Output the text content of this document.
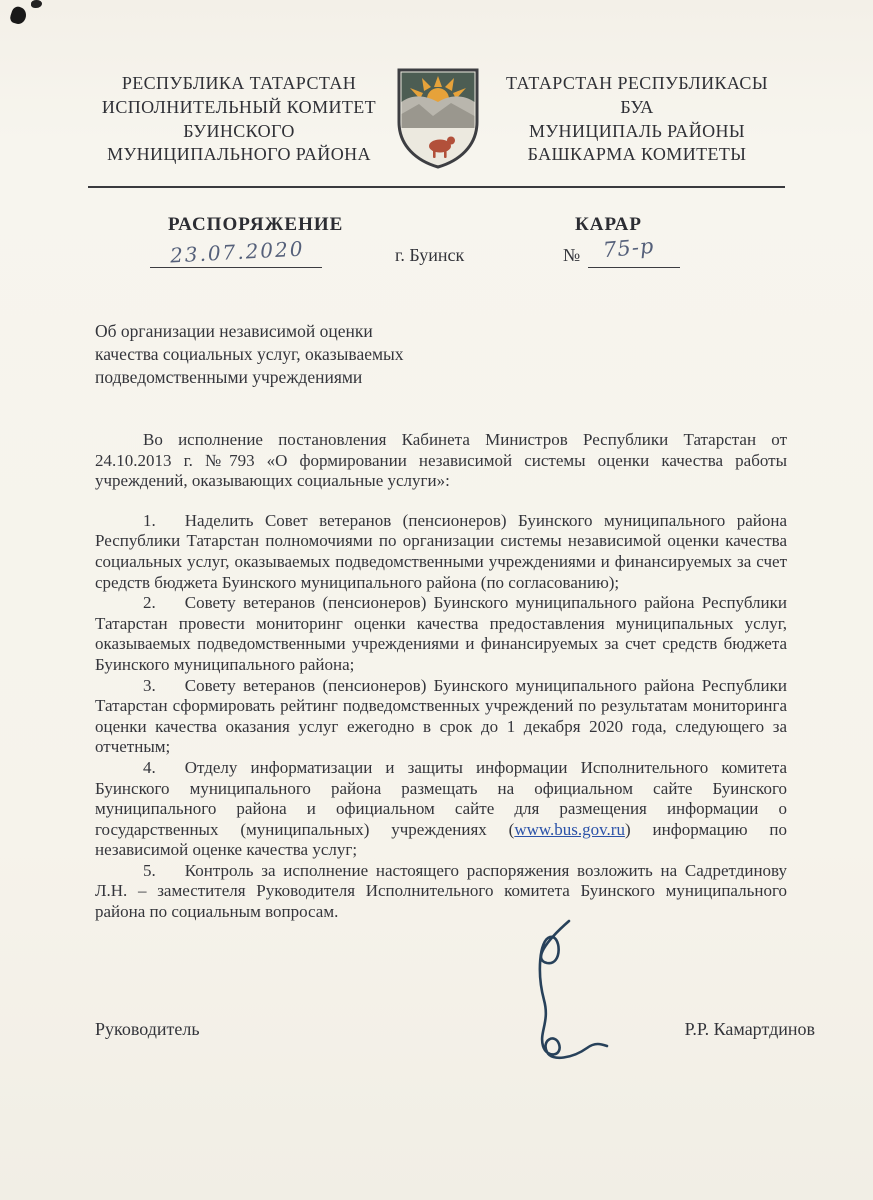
РЕСПУБЛИКА ТАТАРСТАН
ИСПОЛНИТЕЛЬНЫЙ КОМИТЕТ
БУИНСКОГО
МУНИЦИПАЛЬНОГО РАЙОНА
ТАТАРСТАН РЕСПУБЛИКАСЫ
БУА
МУНИЦИПАЛЬ РАЙОНЫ
БАШКАРМА КОМИТЕТЫ
РАСПОРЯЖЕНИЕ	КАРАР
23.07.2020	г. Буинск	№ 75-р
Об организации независимой оценки
качества социальных услуг, оказываемых
подведомственными учреждениями

Во исполнение постановления Кабинета Министров Республики Татарстан от 24.10.2013 г. №793 «О формировании независимой системы оценки качества работы учреждений, оказывающих социальные услуги»:

1. Наделить Совет ветеранов (пенсионеров) Буинского муниципального района Республики Татарстан полномочиями по организации системы независимой оценки качества социальных услуг, оказываемых подведомственными учреждениями и финансируемых за счет средств бюджета Буинского муниципального района (по согласованию);

2. Совету ветеранов (пенсионеров) Буинского муниципального района Республики Татарстан провести мониторинг оценки качества предоставления муниципальных услуг, оказываемых подведомственными учреждениями и финансируемых за счет средств бюджета Буинского муниципального района;

3. Совету ветеранов (пенсионеров) Буинского муниципального района Республики Татарстан сформировать рейтинг подведомственных учреждений по результатам мониторинга оценки качества оказания услуг ежегодно в срок до 1 декабря 2020 года, следующего за отчетным;

4. Отделу информатизации и защиты информации Исполнительного комитета Буинского муниципального района размещать на официальном сайте Буинского муниципального района и официальном сайте для размещения информации о государственных (муниципальных) учреждениях (www.bus.gov.ru) информацию по независимой оценке качества услуг;

5. Контроль за исполнение настоящего распоряжения возложить на Садретдинову Л.Н. – заместителя Руководителя Исполнительного комитета Буинского муниципального района по социальным вопросам.

Руководитель	Р.Р. Камартдинов
